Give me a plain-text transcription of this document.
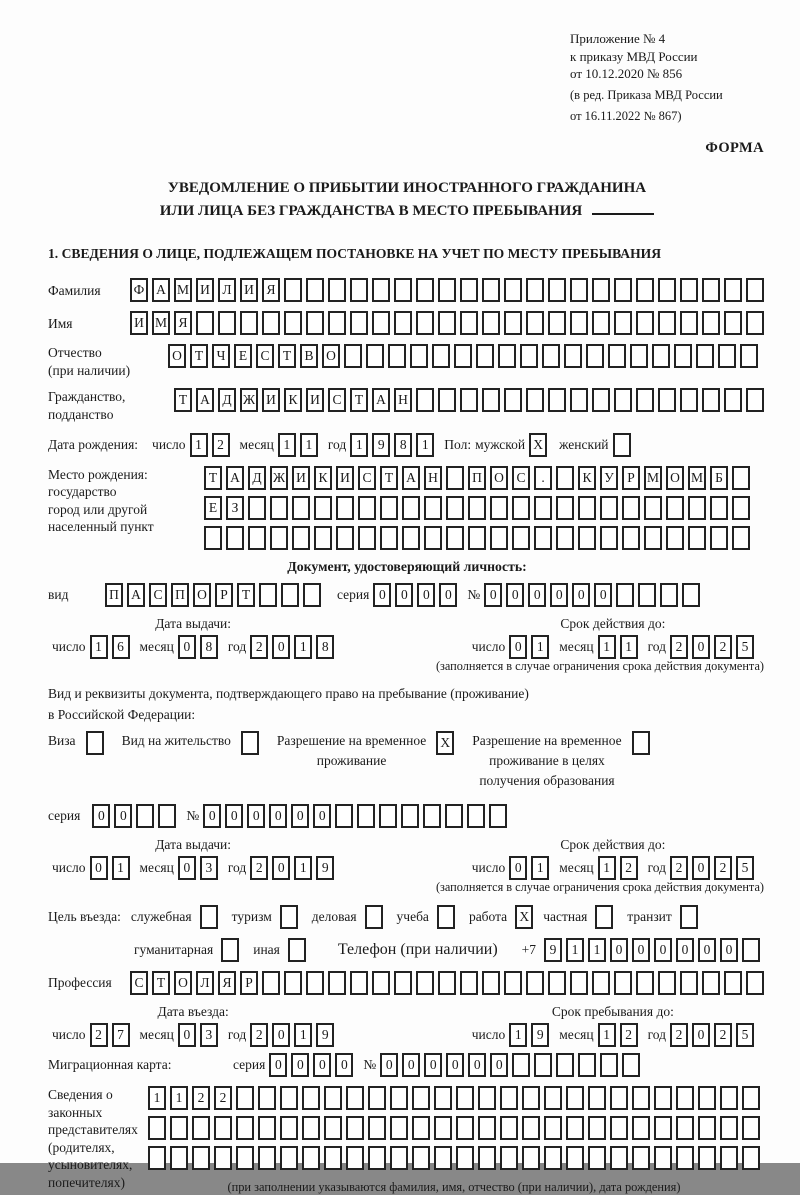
Приложение № 4
к приказу МВД России
от 10.12.2020 № 856
(в ред. Приказа МВД России
от 16.11.2022 № 867)
ФОРМА
УВЕДОМЛЕНИЕ О ПРИБЫТИИ ИНОСТРАННОГО ГРАЖДАНИНА
ИЛИ ЛИЦА БЕЗ ГРАЖДАНСТВА В МЕСТО ПРЕБЫВАНИЯ
1. СВЕДЕНИЯ О ЛИЦЕ, ПОДЛЕЖАЩЕМ ПОСТАНОВКЕ НА УЧЕТ ПО МЕСТУ ПРЕБЫВАНИЯ
Фамилия	Ф А М И Л И Я
Имя	И М Я
Отчество
(при наличии)
О Т Ч Е С Т В О
Гражданство,
подданство
Т А Д Ж И К И С Т А Н
Дата рождения: число 1	2	месяц 1	1	год 1	9	8	1	Пол: мужской X	женский
Место рождения:
государство
город или другой
населенный пункт
Т А Д Ж И К И С Т А Н	П О С	.	К У Р М О М Б
Е	З
Документ, удостоверяющий личность:
вид	П А С П О Р	Т	серия 0	0	0	0	№ 0	0	0	0	0	0
Дата выдачи:
число 1	6	месяц 0	8	год 2	0	1	8
Срок действия до:
число 0	1	месяц 1	1	год 2	0	2	5
(заполняется в случае ограничения срока действия документа)
Вид и реквизиты документа, подтверждающего право на пребывание (проживание)
в Российской Федерации:
Виза	Вид на жительство	Разрешение на временное
проживание
X	Разрешение на временное
проживание в целях
получения образования
серия	0	0	№ 0	0	0	0	0	0
Дата выдачи:
число 0	1	месяц 0	3	год 2	0	1	9
Срок действия до:
число 0	1	месяц 1	2	год 2	0	2	5
(заполняется в случае ограничения срока действия документа)
Цель въезда: служебная	туризм	деловая	учеба	работа X	частная	транзит
гуманитарная	иная	Телефон (при наличии) +7	9	1	1	0	0	0	0	0	0
Профессия	С Т О Л Я	Р
Дата въезда:
число 2	7	месяц 0	3	год 2	0	1	9
Срок пребывания до:
число 1	9	месяц 1	2	год 2	0	2	5
Миграционная карта:	серия 0	0	0	0	№ 0	0	0	0	0	0
Сведения о
законных
представителях
(родителях,
усыновителях,
попечителях)
1	1	2	2
(при заполнении указываются фамилия, имя, отчество (при наличии), дата рождения)
